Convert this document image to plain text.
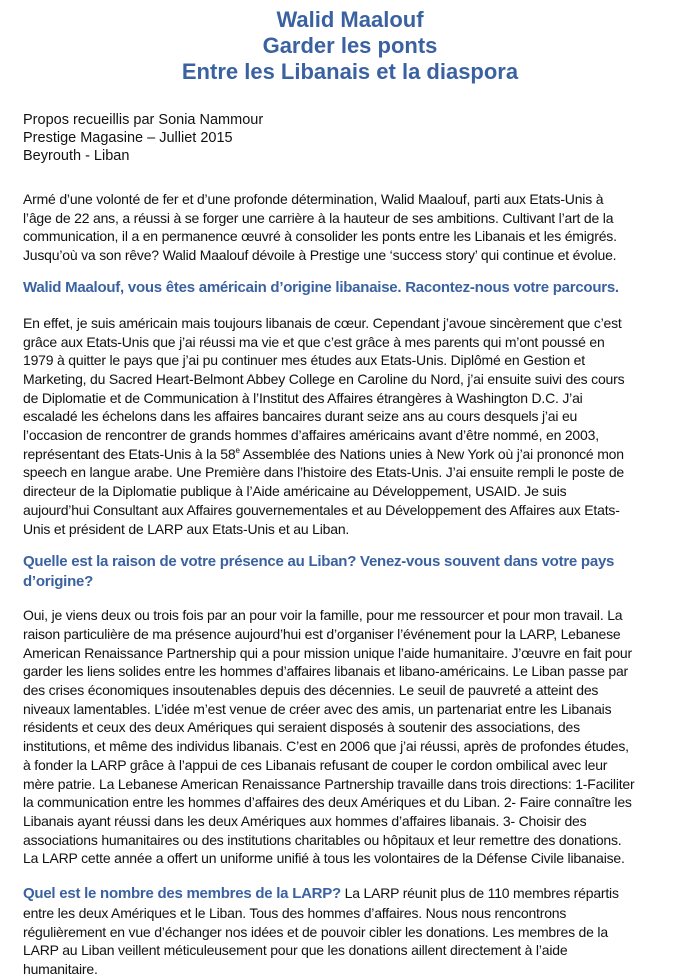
Walid Maalouf
Garder les ponts
Entre les Libanais et la diaspora
Propos recueillis par Sonia Nammour
Prestige Magasine – Julliet 2015
Beyrouth - Liban
Armé d’une volonté de fer et d’une profonde détermination, Walid Maalouf, parti aux Etats-Unis à
l’âge de 22 ans, a réussi à se forger une carrière à la hauteur de ses ambitions. Cultivant l’art de la
communication, il a en permanence œuvré à consolider les ponts entre les Libanais et les émigrés.
Jusqu’où va son rêve? Walid Maalouf dévoile à Prestige une ‘success story’ qui continue et évolue.
Walid Maalouf, vous êtes américain d’origine libanaise. Racontez-nous votre parcours.
En effet, je suis américain mais toujours libanais de cœur. Cependant j’avoue sincèrement que c’est
grâce aux Etats-Unis que j’ai réussi ma vie et que c’est grâce à mes parents qui m’ont poussé en
1979 à quitter le pays que j’ai pu continuer mes études aux Etats-Unis. Diplômé en Gestion et
Marketing, du Sacred Heart-Belmont Abbey College en Caroline du Nord, j’ai ensuite suivi des cours
de Diplomatie et de Communication à l’Institut des Affaires étrangères à Washington D.C. J’ai
escaladé les échelons dans les affaires bancaires durant seize ans au cours desquels j’ai eu
l’occasion de rencontrer de grands hommes d’affaires américains avant d’être nommé, en 2003,
représentant des Etats-Unis à la 58e Assemblée des Nations unies à New York où j’ai prononcé mon
speech en langue arabe. Une Première dans l’histoire des Etats-Unis. J’ai ensuite rempli le poste de
directeur de la Diplomatie publique à l’Aide américaine au Développement, USAID. Je suis
aujourd’hui Consultant aux Affaires gouvernementales et au Développement des Affaires aux Etats-
Unis et président de LARP aux Etats-Unis et au Liban.
Quelle est la raison de votre présence au Liban? Venez-vous souvent dans votre pays
d’origine?
Oui, je viens deux ou trois fois par an pour voir la famille, pour me ressourcer et pour mon travail. La
raison particulière de ma présence aujourd’hui est d’organiser l’événement pour la LARP, Lebanese
American Renaissance Partnership qui a pour mission unique l’aide humanitaire. J’œuvre en fait pour
garder les liens solides entre les hommes d’affaires libanais et libano-américains. Le Liban passe par
des crises économiques insoutenables depuis des décennies. Le seuil de pauvreté a atteint des
niveaux lamentables. L’idée m’est venue de créer avec des amis, un partenariat entre les Libanais
résidents et ceux des deux Amériques qui seraient disposés à soutenir des associations, des
institutions, et même des individus libanais. C’est en 2006 que j’ai réussi, après de profondes études,
à fonder la LARP grâce à l’appui de ces Libanais refusant de couper le cordon ombilical avec leur
mère patrie. La Lebanese American Renaissance Partnership travaille dans trois directions: 1-Faciliter
la communication entre les hommes d’affaires des deux Amériques et du Liban. 2- Faire connaître les
Libanais ayant réussi dans les deux Amériques aux hommes d’affaires libanais. 3- Choisir des
associations humanitaires ou des institutions charitables ou hôpitaux et leur remettre des donations.
La LARP cette année a offert un uniforme unifié à tous les volontaires de la Défense Civile libanaise.
Quel est le nombre des membres de la LARP? La LARP réunit plus de 110 membres répartis
entre les deux Amériques et le Liban. Tous des hommes d’affaires. Nous nous rencontrons
régulièrement en vue d’échanger nos idées et de pouvoir cibler les donations. Les membres de la
LARP au Liban veillent méticuleusement pour que les donations aillent directement à l’aide
humanitaire.
